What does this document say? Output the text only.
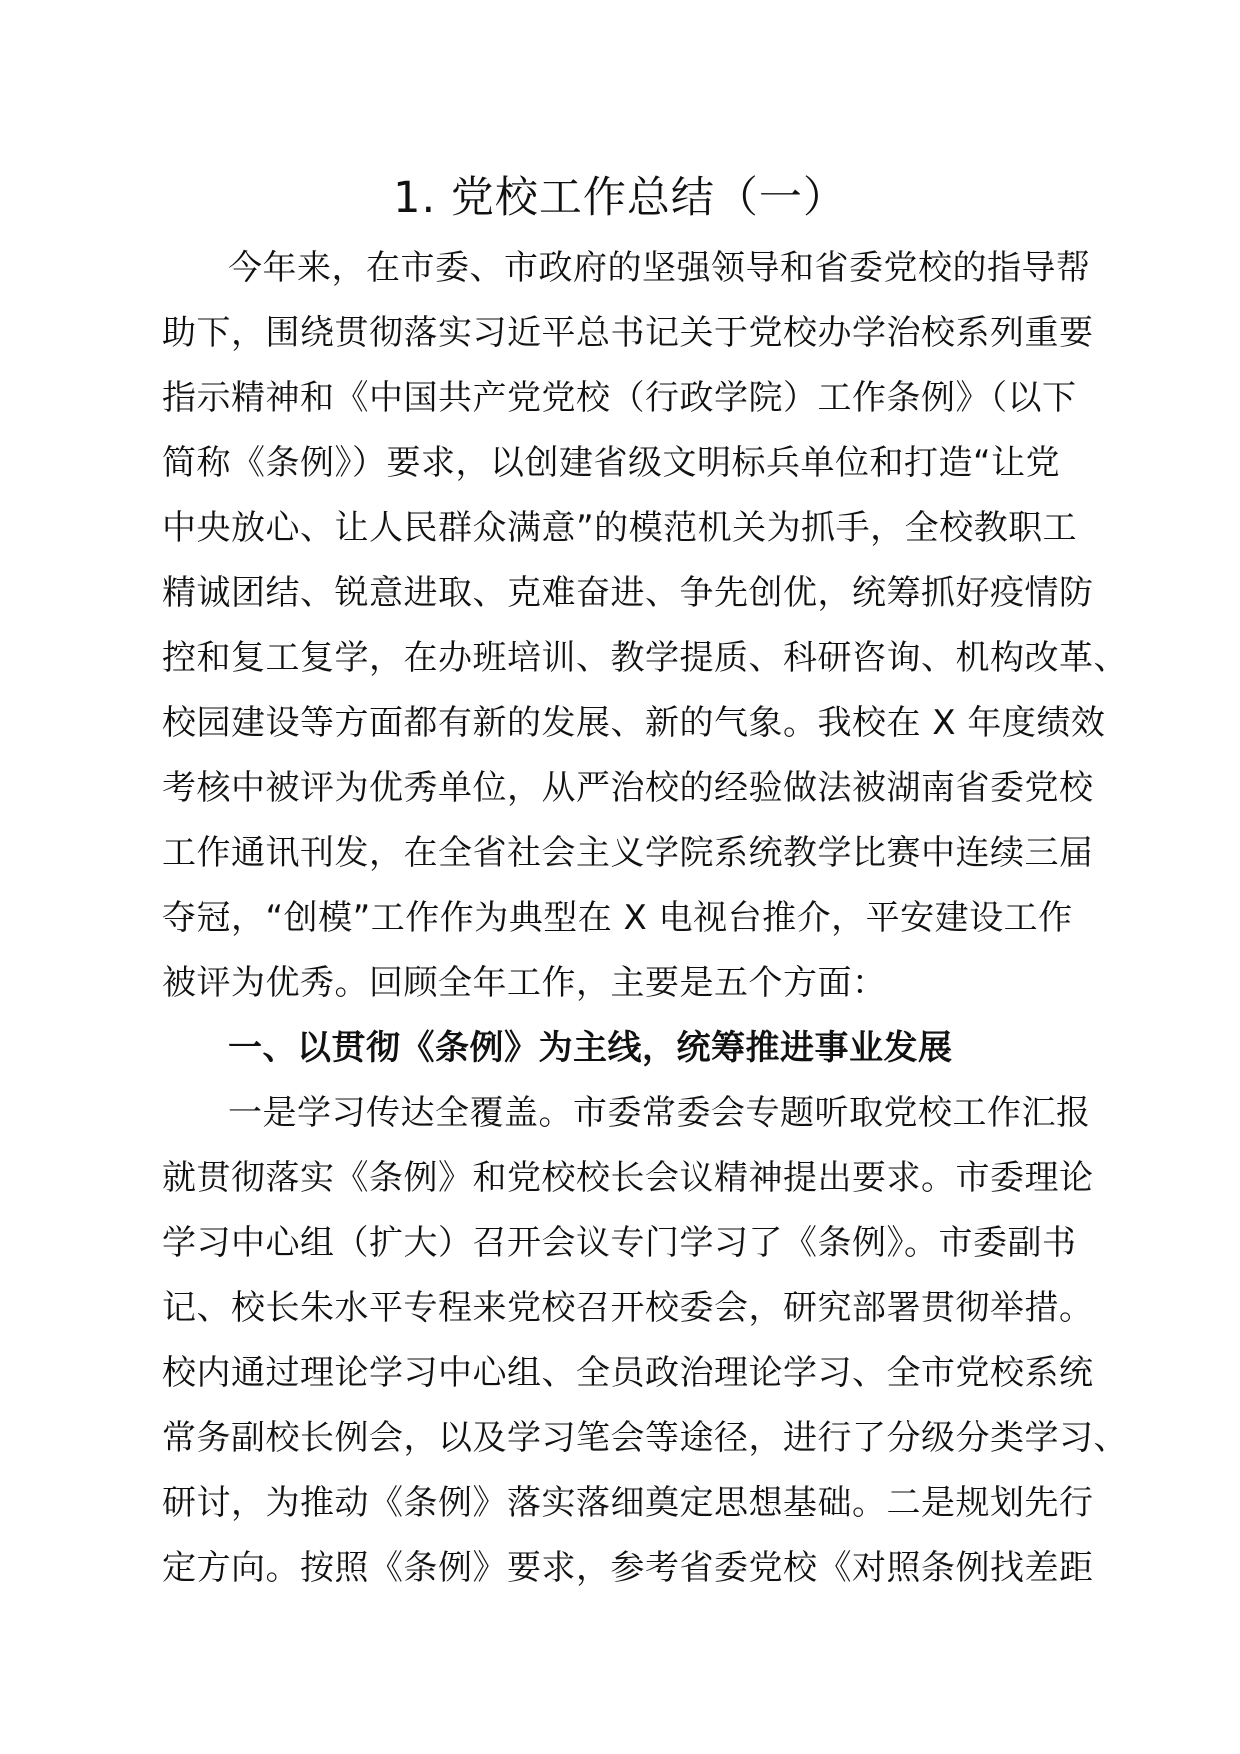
1. 党校工作总结（一）
今年来，在市委、市政府的坚强领导和省委党校的指导帮
助下，围绕贯彻落实习近平总书记关于党校办学治校系列重要
指示精神和《中国共产党党校（行政学院）工作条例》（以下
简称《条例》）要求，以创建省级文明标兵单位和打造“让党
中央放心、让人民群众满意”的模范机关为抓手，全校教职工
精诚团结、锐意进取、克难奋进、争先创优，统筹抓好疫情防
控和复工复学，在办班培训、教学提质、科研咨询、机构改革、
校园建设等方面都有新的发展、新的气象。我校在 X 年度绩效
考核中被评为优秀单位，从严治校的经验做法被湖南省委党校
工作通讯刊发，在全省社会主义学院系统教学比赛中连续三届
夺冠，“创模”工作作为典型在 X 电视台推介，平安建设工作
被评为优秀。回顾全年工作，主要是五个方面：
一、以贯彻《条例》为主线，统筹推进事业发展
一是学习传达全覆盖。市委常委会专题听取党校工作汇报
就贯彻落实《条例》和党校校长会议精神提出要求。市委理论
学习中心组（扩大）召开会议专门学习了《条例》。市委副书
记、校长朱水平专程来党校召开校委会，研究部署贯彻举措。
校内通过理论学习中心组、全员政治理论学习、全市党校系统
常务副校长例会，以及学习笔会等途径，进行了分级分类学习、
研讨，为推动《条例》落实落细奠定思想基础。二是规划先行
定方向。按照《条例》要求，参考省委党校《对照条例找差距
